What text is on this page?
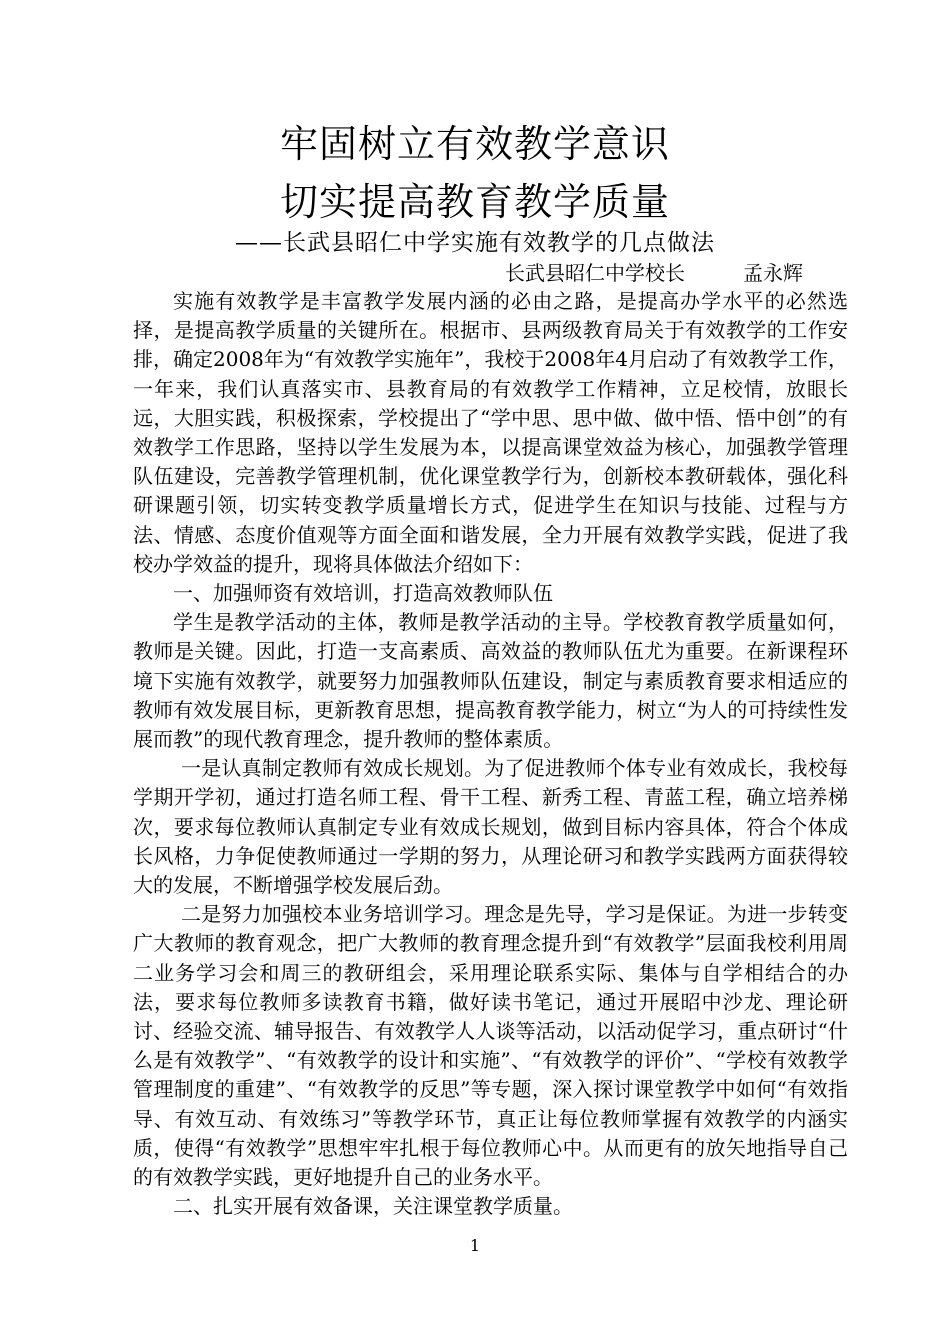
牢固树立有效教学意识
切实提高教育教学质量
——长武县昭仁中学实施有效教学的几点做法
长武县昭仁中学校长	孟永辉

实施有效教学是丰富教学发展内涵的必由之路，是提高办学水平的必然选择，是提高教学质量的关键所在。根据市、县两级教育局关于有效教学的工作安排，确定2008年为“有效教学实施年”，我校于2008年4月启动了有效教学工作，一年来，我们认真落实市、县教育局的有效教学工作精神，立足校情，放眼长远，大胆实践，积极探索，学校提出了“学中思、思中做、做中悟、悟中创”的有效教学工作思路，坚持以学生发展为本，以提高课堂效益为核心，加强教学管理队伍建设，完善教学管理机制，优化课堂教学行为，创新校本教研载体，强化科研课题引领，切实转变教学质量增长方式，促进学生在知识与技能、过程与方法、情感、态度价值观等方面全面和谐发展，全力开展有效教学实践，促进了我校办学效益的提升，现将具体做法介绍如下：

一、加强师资有效培训，打造高效教师队伍

学生是教学活动的主体，教师是教学活动的主导。学校教育教学质量如何，教师是关键。因此，打造一支高素质、高效益的教师队伍尤为重要。在新课程环境下实施有效教学，就要努力加强教师队伍建设，制定与素质教育要求相适应的教师有效发展目标，更新教育思想，提高教育教学能力，树立“为人的可持续性发展而教”的现代教育理念，提升教师的整体素质。

一是认真制定教师有效成长规划。为了促进教师个体专业有效成长，我校每学期开学初，通过打造名师工程、骨干工程、新秀工程、青蓝工程，确立培养梯次，要求每位教师认真制定专业有效成长规划，做到目标内容具体，符合个体成长风格，力争促使教师通过一学期的努力，从理论研习和教学实践两方面获得较大的发展，不断增强学校发展后劲。

二是努力加强校本业务培训学习。理念是先导，学习是保证。为进一步转变广大教师的教育观念，把广大教师的教育理念提升到“有效教学”层面我校利用周二业务学习会和周三的教研组会，采用理论联系实际、集体与自学相结合的办法，要求每位教师多读教育书籍，做好读书笔记，通过开展昭中沙龙、理论研讨、经验交流、辅导报告、有效教学人人谈等活动，以活动促学习，重点研讨“什么是有效教学”、“有效教学的设计和实施”、“有效教学的评价”、“学校有效教学管理制度的重建”、“有效教学的反思”等专题，深入探讨课堂教学中如何“有效指导、有效互动、有效练习”等教学环节，真正让每位教师掌握有效教学的内涵实质，使得“有效教学”思想牢牢扎根于每位教师心中。从而更有的放矢地指导自己的有效教学实践，更好地提升自己的业务水平。

二、扎实开展有效备课，关注课堂教学质量。

1
